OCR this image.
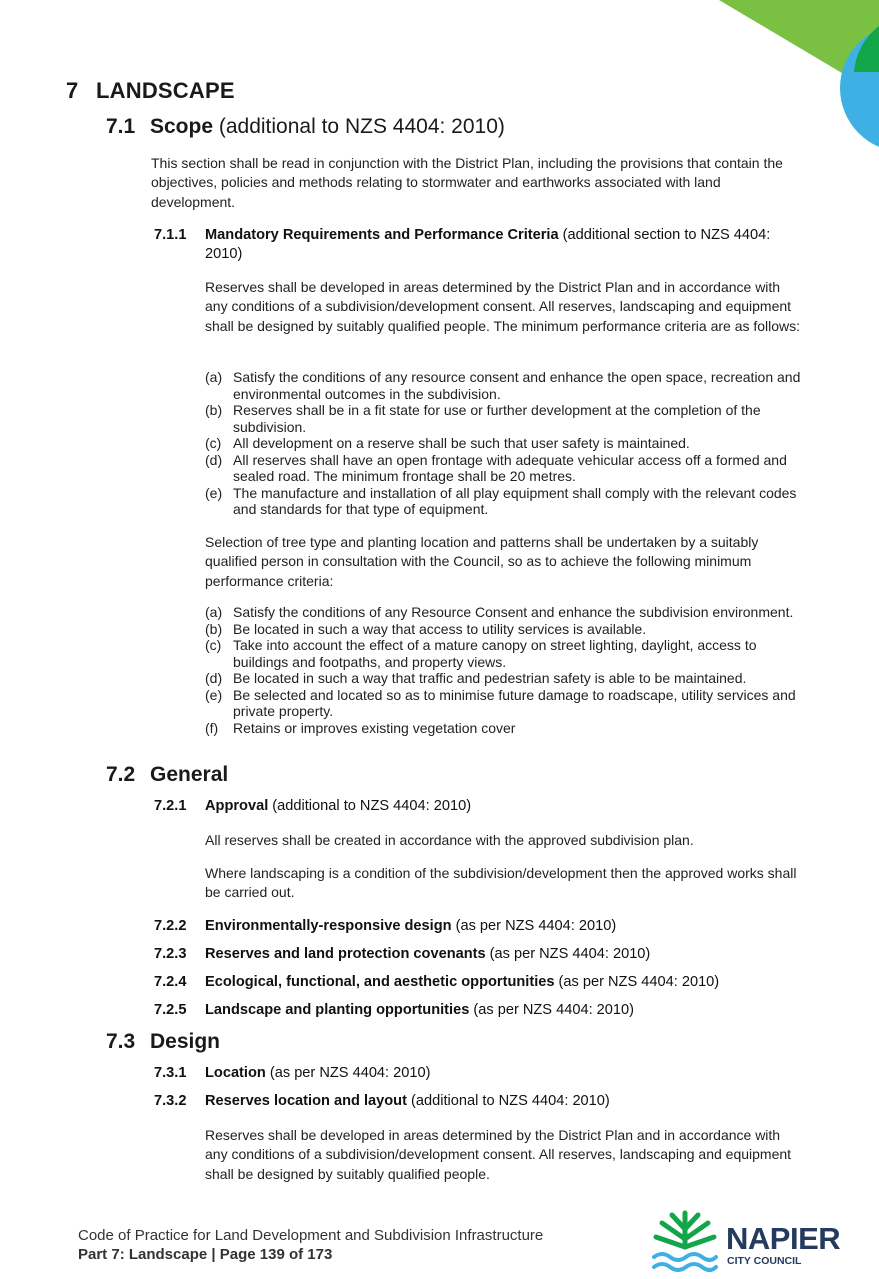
7 LANDSCAPE
7.1 Scope (additional to NZS 4404: 2010)
This section shall be read in conjunction with the District Plan, including the provisions that contain the objectives, policies and methods relating to stormwater and earthworks associated with land development.
7.1.1 Mandatory Requirements and Performance Criteria (additional section to NZS 4404: 2010)
Reserves shall be developed in areas determined by the District Plan and in accordance with any conditions of a subdivision/development consent. All reserves, landscaping and equipment shall be designed by suitably qualified people. The minimum performance criteria are as follows:
(a) Satisfy the conditions of any resource consent and enhance the open space, recreation and environmental outcomes in the subdivision.
(b) Reserves shall be in a fit state for use or further development at the completion of the subdivision.
(c) All development on a reserve shall be such that user safety is maintained.
(d) All reserves shall have an open frontage with adequate vehicular access off a formed and sealed road. The minimum frontage shall be 20 metres.
(e) The manufacture and installation of all play equipment shall comply with the relevant codes and standards for that type of equipment.
Selection of tree type and planting location and patterns shall be undertaken by a suitably qualified person in consultation with the Council, so as to achieve the following minimum performance criteria:
(a) Satisfy the conditions of any Resource Consent and enhance the subdivision environment.
(b) Be located in such a way that access to utility services is available.
(c) Take into account the effect of a mature canopy on street lighting, daylight, access to buildings and footpaths, and property views.
(d) Be located in such a way that traffic and pedestrian safety is able to be maintained.
(e) Be selected and located so as to minimise future damage to roadscape, utility services and private property.
(f) Retains or improves existing vegetation cover
7.2 General
7.2.1 Approval (additional to NZS 4404: 2010)
All reserves shall be created in accordance with the approved subdivision plan.
Where landscaping is a condition of the subdivision/development then the approved works shall be carried out.
7.2.2 Environmentally-responsive design (as per NZS 4404: 2010)
7.2.3 Reserves and land protection covenants (as per NZS 4404: 2010)
7.2.4 Ecological, functional, and aesthetic opportunities (as per NZS 4404: 2010)
7.2.5 Landscape and planting opportunities (as per NZS 4404: 2010)
7.3 Design
7.3.1 Location (as per NZS 4404: 2010)
7.3.2 Reserves location and layout (additional to NZS 4404: 2010)
Reserves shall be developed in areas determined by the District Plan and in accordance with any conditions of a subdivision/development consent. All reserves, landscaping and equipment shall be designed by suitably qualified people.
Code of Practice for Land Development and Subdivision Infrastructure
Part 7: Landscape | Page 139 of 173	NAPIER
CITY COUNCIL
